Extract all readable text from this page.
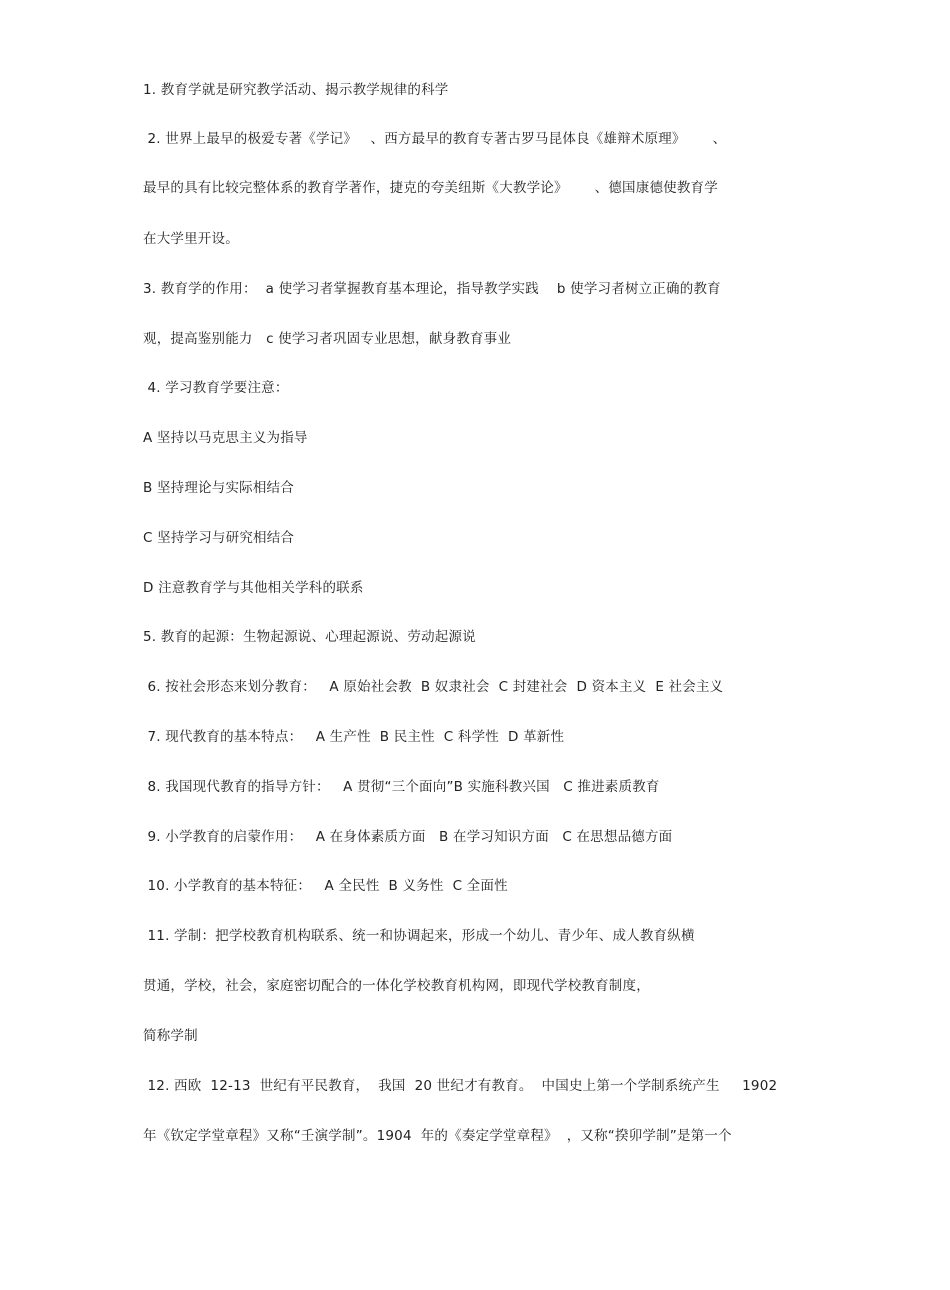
1. 教育学就是研究教学活动、揭示教学规律的科学
2. 世界上最早的极爱专著《学记》   、西方最早的教育专著古罗马昆体良《雄辩术原理》      、
最早的具有比较完整体系的教育学著作，捷克的夸美纽斯《大教学论》      、德国康德使教育学
在大学里开设。
3. 教育学的作用：  a 使学习者掌握教育基本理论，指导教学实践    b 使学习者树立正确的教育
观，提高鉴别能力   c 使学习者巩固专业思想，献身教育事业
4. 学习教育学要注意：
A 坚持以马克思主义为指导
B 坚持理论与实际相结合
C 坚持学习与研究相结合
D 注意教育学与其他相关学科的联系
5. 教育的起源：生物起源说、心理起源说、劳动起源说
6. 按社会形态来划分教育：   A 原始社会教  B 奴隶社会  C 封建社会  D 资本主义  E 社会主义
7. 现代教育的基本特点：   A 生产性  B 民主性  C 科学性  D 革新性
8. 我国现代教育的指导方针：   A 贯彻“三个面向”B 实施科教兴国   C 推进素质教育
9. 小学教育的启蒙作用：   A 在身体素质方面   B 在学习知识方面   C 在思想品德方面
10. 小学教育的基本特征：   A 全民性  B 义务性  C 全面性
11. 学制：把学校教育机构联系、统一和协调起来，形成一个幼儿、青少年、成人教育纵横
贯通，学校，社会，家庭密切配合的一体化学校教育机构网，即现代学校教育制度，
简称学制
12. 西欧  12-13  世纪有平民教育，  我国  20 世纪才有教育。  中国史上第一个学制系统产生     1902
年《钦定学堂章程》又称“壬演学制”。1904  年的《奏定学堂章程》  ，又称“揆卯学制”是第一个
